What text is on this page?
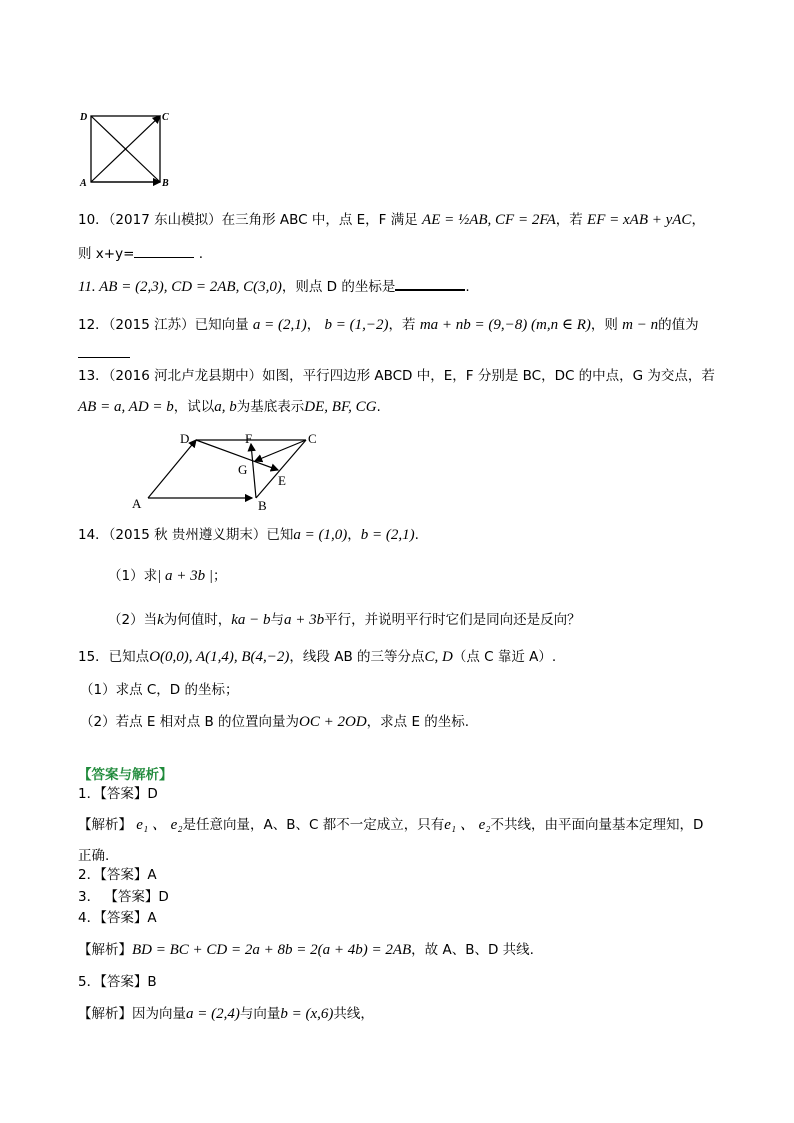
D	C
A	B
10．（2017 东山模拟）在三角形 ABC 中，点 E，F 满足 AE = ½AB, CF = 2FA，若 EF = xAB + yAC，
则 x+y=	.
11. AB = (2,3), CD = 2AB, C(3,0)，则点 D 的坐标是	.
12．（2015 江苏）已知向量 a = (2,1)， b = (1,−2)，若 ma + nb = (9,−8) (m,n ∈ R)，则 m − n的值为
13．（2016 河北卢龙县期中）如图，平行四边形 ABCD 中，E，F 分别是 BC，DC 的中点，G 为交点，若
AB = a, AD = b，试以a, b为基底表示DE, BF, CG.
D	F	C
G
E
A	B
14．（2015 秋 贵州遵义期末）已知a = (1,0)，b = (2,1).
（1）求| a + 3b |；
（2）当k为何值时，ka − b与a + 3b平行，并说明平行时它们是同向还是反向？
15．已知点O(0,0), A(1,4), B(4,−2)，线段 AB 的三等分点C, D（点 C 靠近 A）.
（1）求点 C，D 的坐标；
（2）若点 E 相对点 B 的位置向量为OC + 2OD，求点 E 的坐标.
【答案与解析】
1．【答案】D
【解析】 e₁ 、 e₂是任意向量，A、B、C 都不一定成立，只有e₁ 、 e₂不共线，由平面向量基本定理知，D
正确.
2．【答案】A
3． 【答案】D
4．【答案】A
【解析】BD = BC + CD = 2a + 8b = 2(a + 4b) = 2AB，故 A、B、D 共线.
5．【答案】B
【解析】因为向量a = (2,4)与向量b = (x,6)共线，
